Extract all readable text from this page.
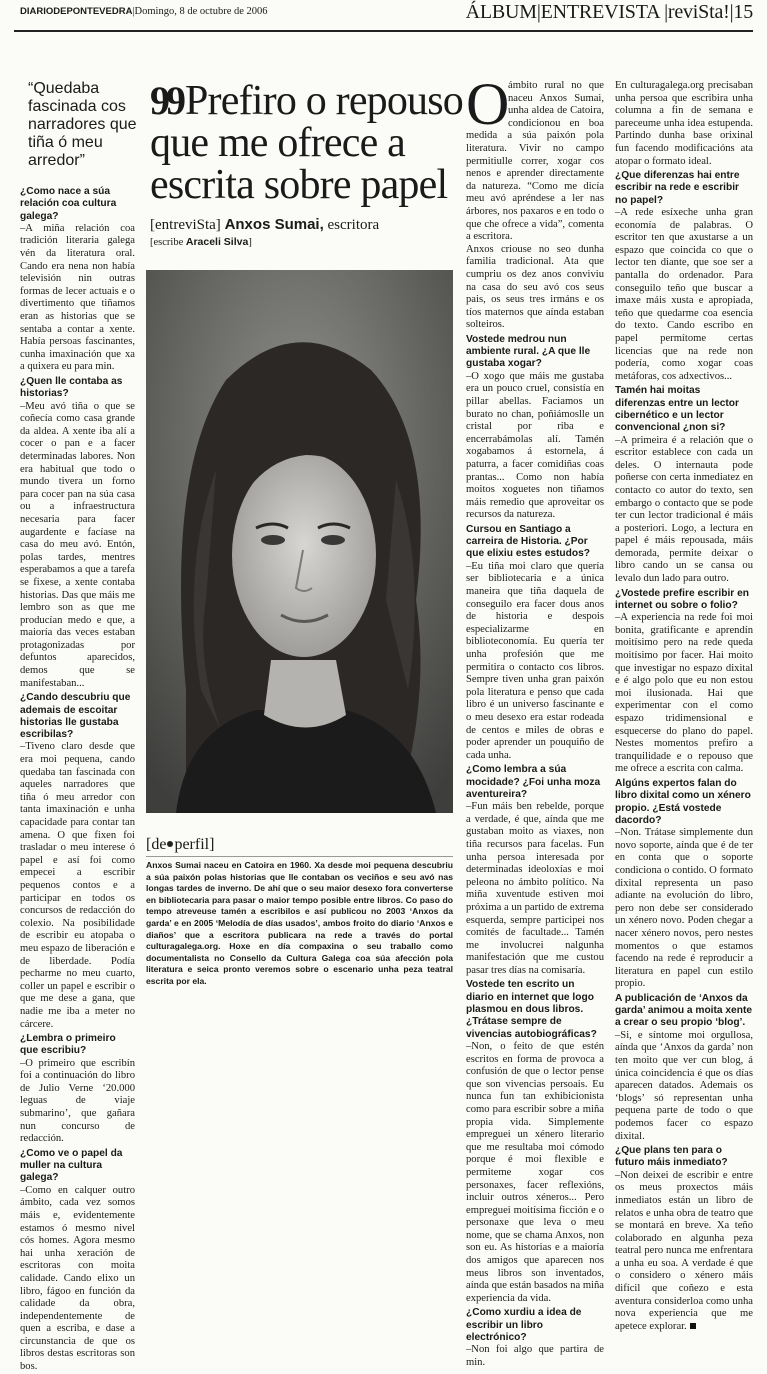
DIARIODEPONTEVEDRA|Domingo, 8 de octubre de 2006	ÁLBUM|ENTREVISTA |reviSta!|15
“Quedaba fascinada cos narradores que tiña ó meu arredor”
99Prefiro o repouso que me ofrece a escrita sobre papel
[entreviSta] Anxos Sumai, escritora
[escribe Araceli Silva]
[de perfil]
Anxos Sumai naceu en Catoira en 1960. Xa desde moi pequena descubriu a súa paixón polas historias que lle contaban os veciños e seu avó nas longas tardes de inverno. De ahí que o seu maior desexo fora converterse en bibliotecaria para pasar o maior tempo posible entre libros. Co paso do tempo atreveuse tamén a escribilos e así publicou no 2003 ‘Anxos da garda’ e en 2005 ‘Melodía de días usados’, ambos froito do diario ‘Anxos e diaños’ que a escritora publicara na rede a través do portal culturagalega.org. Hoxe en día compaxina o seu traballo como documentalista no Consello da Cultura Galega coa súa afección pola literatura e seica pronto veremos sobre o escenario unha peza teatral escrita por ela.
¿Como nace a súa relación coa cultura galega?

–A miña relación coa tradición literaria galega vén da literatura oral. Cando era nena non había televisión nin outras formas de lecer actuais e o divertimento que tiñamos eran as historias que se sentaba a contar a xente. Había persoas fascinantes, cunha imaxinación que xa a quixera eu para min.

¿Quen lle contaba as historias?

–Meu avó tiña o que se coñecía como casa grande da aldea. A xente iba alí a cocer o pan e a facer determinadas labores. Non era habitual que todo o mundo tivera un forno para cocer pan na súa casa ou a infraestructura necesaria para facer augardente e facíase na casa do meu avó. Entón, polas tardes, mentres esperabamos a que a tarefa se fixese, a xente contaba historias. Das que máis me lembro son as que me producían medo e que, a maioría das veces estaban protagonizadas por defuntos aparecidos, demos que se manifestaban...

¿Cando descubriu que ademais de escoitar historias lle gustaba escribilas?

–Tiveno claro desde que era moi pequena, cando quedaba tan fascinada con aqueles narradores que tiña ó meu arredor con tanta imaxinación e unha capacidade para contar tan amena. O que fixen foi trasladar o meu interese ó papel e así foi como empecei a escribir pequenos contos e a participar en todos os concursos de redacción do colexio. Na posibilidade de escribir eu atopaba o meu espazo de liberación e de liberdade. Podía pecharme no meu cuarto, coller un papel e escribir o que me dese a gana, que nadie me iba a meter no cárcere.

¿Lembra o primeiro que escribiu?

–O primeiro que escribín foi a continuación do libro de Julio Verne ‘20.000 leguas de viaje submarino’, que gañara nun concurso de redacción.

¿Como ve o papel da muller na cultura galega?

–Como en calquer outro ámbito, cada vez somos máis e, evidentemente estamos ó mesmo nivel cós homes. Agora mesmo hai unha xeración de escritoras con moita calidade. Cando elixo un libro, fágoo en función da calidade da obra, independentemente de quen a escriba, e dase a circunstancia de que os libros destas escritoras son bos.

O

ámbito rural no que naceu Anxos Sumai, unha aldea de Catoira, condicionou en boa medida a súa paixón pola literatura. Vivir no campo permitiulle correr, xogar cos nenos e aprender directamente da natureza. “Como me dicía meu avó apréndese a ler nas árbores, nos paxaros e en todo o que che ofrece a vida”, comenta a escritora.

Anxos criouse no seo dunha familia tradicional. Ata que cumpriu os dez anos conviviu na casa do seu avó cos seus pais, os seus tres irmáns e os tíos maternos que aínda estaban solteiros.

Vostede medrou nun ambiente rural. ¿A que lle gustaba xogar?

–O xogo que máis me gustaba era un pouco cruel, consistía en pillar abellas. Faciamos un burato no chan, poñiámoslle un cristal por riba e encerrabámolas alí. Tamén xogabamos á estornela, á paturra, a facer comidiñas coas prantas... Como non había moitos xoguetes non tiñamos máis remedio que aproveitar os recursos da natureza.

Cursou en Santiago a carreira de Historia. ¿Por que elixiu estes estudos?

–Eu tiña moi claro que quería ser bibliotecaria e a única maneira que tiña daquela de conseguilo era facer dous anos de historia e despois especializarme en biblioteconomía. Eu quería ter unha profesión que me permitira o contacto cos libros. Sempre tiven unha gran paixón pola literatura e penso que cada libro é un universo fascinante e o meu desexo era estar rodeada de centos e miles de obras e poder aprender un pouquiño de cada unha.

¿Como lembra a súa mocidade? ¿Foi unha moza aventureira?

–Fun máis ben rebelde, porque a verdade, é que, aínda que me gustaban moito as viaxes, non tiña recursos para facelas. Fun unha persoa interesada por determinadas ideoloxías e moi peleona no ámbito político. Na miña xuventude estiven moi próxima a un partido de extrema esquerda, sempre participei nos comités de facultade... Tamén me involucrei nalgunha manifestación que me custou pasar tres días na comisaría.

Vostede ten escrito un diario en internet que logo plasmou en dous libros. ¿Trátase sempre de vivencias autobiográficas?

–Non, o feito de que estén escritos en forma de provoca a confusión de que o lector pense que son vivencias persoais. Eu nunca fun tan exhibicionista como para escribir sobre a miña propia vida. Simplemente empreguei un xénero literario que me resultaba moi cómodo porque é moi flexible e permiteme xogar cos personaxes, facer reflexións, incluir outros xéneros... Pero empreguei moitísima ficción e o personaxe que leva o meu nome, que se chama Anxos, non son eu. As historias e a maioría dos amigos que aparecen nos meus libros son inventados, aínda que están basados na miña experiencia da vida.

¿Como xurdiu a idea de escribir un libro electrónico?

–Non foi algo que partira de min.

En culturagalega.org precisaban unha persoa que escribira unha columna a fin de semana e pareceume unha idea estupenda. Partindo dunha base orixinal fun facendo modificacións ata atopar o formato ideal.

¿Que diferenzas hai entre escribir na rede e escribir no papel?

–A rede esíxeche unha gran economía de palabras. O escritor ten que axustarse a un espazo que coincida co que o lector ten diante, que soe ser a pantalla do ordenador. Para conseguilo teño que buscar a imaxe máis xusta e apropiada, teño que quedarme coa esencia do texto. Cando escribo en papel permítome certas licencias que na rede non podería, como xogar coas metáforas, cos adxectivos...

Tamén hai moitas diferenzas entre un lector cibernético e un lector convencional ¿non si?

–A primeira é a relación que o escritor establece con cada un deles. O internauta pode poñerse con certa inmediatez en contacto co autor do texto, sen embargo o contacto que se pode ter cun lector tradicional é máis a posteriori. Logo, a lectura en papel é máis repousada, máis demorada, permite deixar o libro cando un se cansa ou levalo dun lado para outro.

¿Vostede prefire escribir en internet ou sobre o folio?

–A experiencia na rede foi moi bonita, gratificante e aprendín moitísimo pero na rede queda moitísimo por facer. Hai moito que investigar no espazo dixital e é algo polo que eu non estou moi ilusionada. Hai que experimentar con el como espazo tridimensional e esquecerse do plano do papel. Nestes momentos prefiro a tranquilidade e o repouso que me ofrece a escrita con calma.

Algúns expertos falan do libro dixital como un xénero propio. ¿Está vostede dacordo?

–Non. Trátase simplemente dun novo soporte, aínda que é de ter en conta que o soporte condiciona o contido. O formato dixital representa un paso adiante na evolución do libro, pero non debe ser considerado un xénero novo. Poden chegar a nacer xénero novos, pero nestes momentos o que estamos facendo na rede é reproducir a literatura en papel cun estilo propio.

A publicación de ‘Anxos da garda’ animou a moita xente a crear o seu propio ‘blog’.

–Si, e síntome moi orgullosa, aínda que ‘Anxos da garda’ non ten moito que ver cun blog, á única coincidencia é que os días aparecen datados. Ademais os ‘blogs’ só representan unha pequena parte de todo o que podemos facer co espazo dixital.

¿Que plans ten para o futuro máis inmediato?

–Non deixei de escribir e entre os meus proxectos máis inmediatos están un libro de relatos e unha obra de teatro que se montará en breve. Xa teño colaborado en algunha peza teatral pero nunca me enfrentara a unha eu soa. A verdade é que o considero o xénero máis difícil que coñezo e esta aventura considerloa como unha nova experiencia que me apetece explorar.
